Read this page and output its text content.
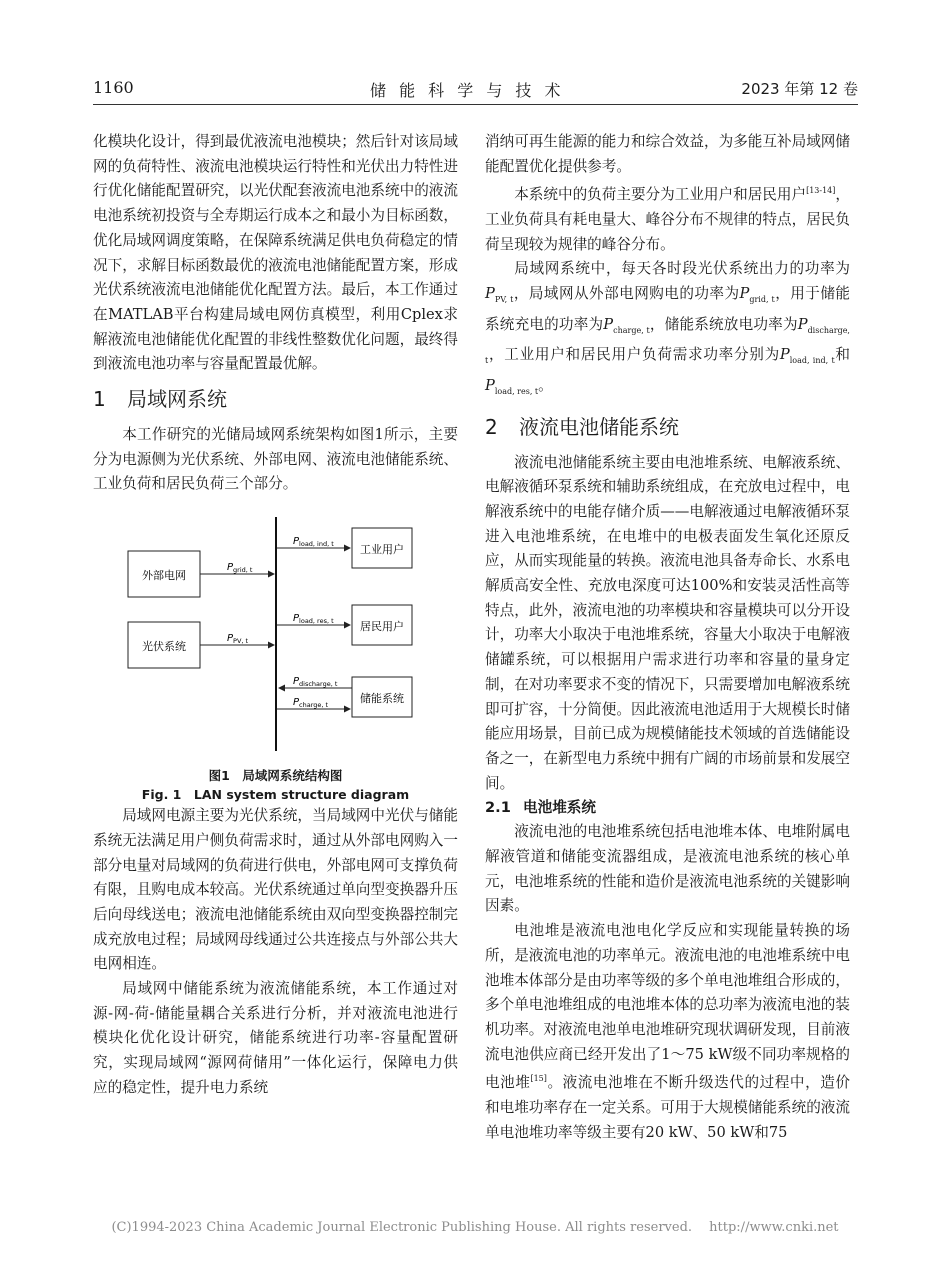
1160	储 能 科 学 与 技 术	2023 年第 12 卷

化模块化设计，得到最优液流电池模块；然后针对该局域网的负荷特性、液流电池模块运行特性和光伏出力特性进行优化储能配置研究，以光伏配套液流电池系统中的液流电池系统初投资与全寿期运行成本之和最小为目标函数，优化局域网调度策略，在保障系统满足供电负荷稳定的情况下，求解目标函数最优的液流电池储能配置方案，形成光伏系统液流电池储能优化配置方法。最后，本工作通过在MATLAB平台构建局域电网仿真模型，利用Cplex求解液流电池储能优化配置的非线性整数优化问题，最终得到液流电池功率与容量配置最优解。

1 局域网系统

本工作研究的光储局域网系统架构如图1所示，主要分为电源侧为光伏系统、外部电网、液流电池储能系统、工业负荷和居民负荷三个部分。

外部电网
光伏系统
工业用户
居民用户
储能系统
$P_{grid, t}$
$P_{PV, t}$
$P_{load, ind, t}$
$P_{load, res, t}$
$P_{discharge, t}$
$P_{charge, t}$
图1　局域网系统结构图
Fig. 1　LAN system structure diagram

局域网电源主要为光伏系统，当局域网中光伏与储能系统无法满足用户侧负荷需求时，通过从外部电网购入一部分电量对局域网的负荷进行供电，外部电网可支撑负荷有限，且购电成本较高。光伏系统通过单向型变换器升压后向母线送电；液流电池储能系统由双向型变换器控制完成充放电过程；局域网母线通过公共连接点与外部公共大电网相连。

局域网中储能系统为液流储能系统，本工作通过对源-网-荷-储能量耦合关系进行分析，并对液流电池进行模块化优化设计研究，储能系统进行功率-容量配置研究，实现局域网“源网荷储用”一体化运行，保障电力供应的稳定性，提升电力系统

消纳可再生能源的能力和综合效益，为多能互补局域网储能配置优化提供参考。

本系统中的负荷主要分为工业用户和居民用户[13-14]，工业负荷具有耗电量大、峰谷分布不规律的特点，居民负荷呈现较为规律的峰谷分布。

局域网系统中，每天各时段光伏系统出力的功率为$P_{PV, t}$，局域网从外部电网购电的功率为$P_{grid, t}$，用于储能系统充电的功率为$P_{charge, t}$，储能系统放电功率为$P_{discharge, t}$，工业用户和居民用户负荷需求功率分别为$P_{load, ind, t}$和$P_{load, res, t}$。

2 液流电池储能系统

液流电池储能系统主要由电池堆系统、电解液系统、电解液循环泵系统和辅助系统组成，在充放电过程中，电解液系统中的电能存储介质——电解液通过电解液循环泵进入电池堆系统，在电堆中的电极表面发生氧化还原反应，从而实现能量的转换。液流电池具备寿命长、水系电解质高安全性、充放电深度可达100%和安装灵活性高等特点，此外，液流电池的功率模块和容量模块可以分开设计，功率大小取决于电池堆系统，容量大小取决于电解液储罐系统，可以根据用户需求进行功率和容量的量身定制，在对功率要求不变的情况下，只需要增加电解液系统即可扩容，十分简便。因此液流电池适用于大规模长时储能应用场景，目前已成为规模储能技术领域的首选储能设备之一，在新型电力系统中拥有广阔的市场前景和发展空间。

2.1 电池堆系统

液流电池的电池堆系统包括电池堆本体、电堆附属电解液管道和储能变流器组成，是液流电池系统的核心单元，电池堆系统的性能和造价是液流电池系统的关键影响因素。

电池堆是液流电池电化学反应和实现能量转换的场所，是液流电池的功率单元。液流电池的电池堆系统中电池堆本体部分是由功率等级的多个单电池堆组合形成的，多个单电池堆组成的电池堆本体的总功率为液流电池的装机功率。对液流电池单电池堆研究现状调研发现，目前液流电池供应商已经开发出了1～75 kW级不同功率规格的电池堆[15]。液流电池堆在不断升级迭代的过程中，造价和电堆功率存在一定关系。可用于大规模储能系统的液流单电池堆功率等级主要有20 kW、50 kW和75

(C)1994-2023 China Academic Journal Electronic Publishing House. All rights reserved.　 http://www.cnki.net
